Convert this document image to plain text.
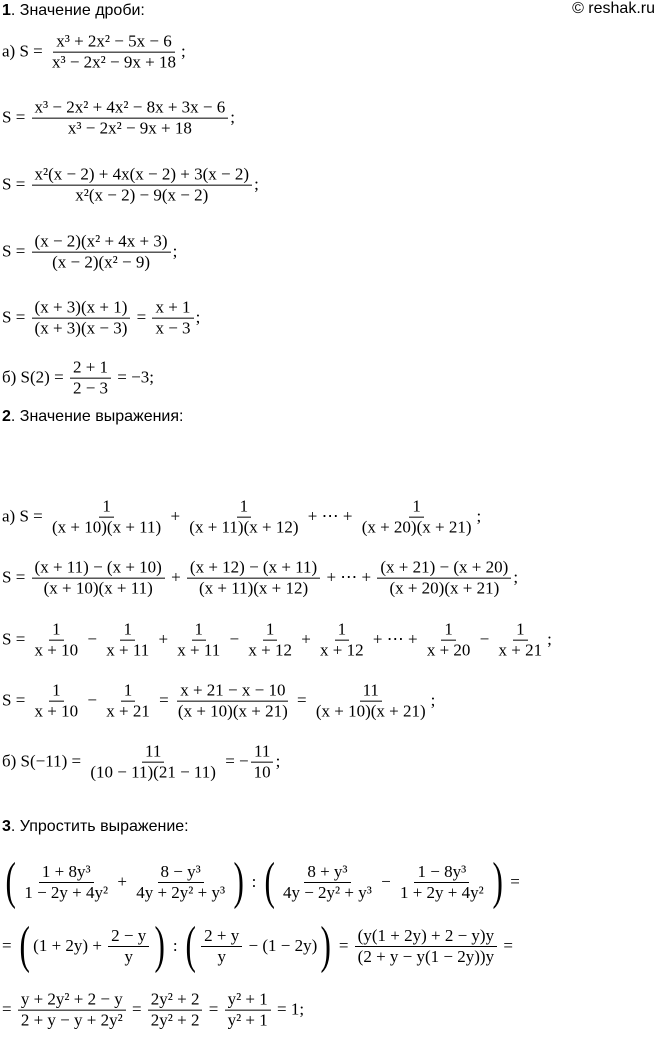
© reshak.ru
1. Значение дроби:
а) $S = \frac{\text{x³ + 2x² − 5x − 6}}{\text{x³ − 2x² − 9x + 18}}$ ;
$S = \frac{\text{x³ − 2x² + 4x² − 8x + 3x − 6}}{\text{x³ − 2x² − 9x + 18}}$ ;
$S = \frac{\text{x²(x − 2) + 4x(x − 2) + 3(x − 2)}}{\text{x²(x − 2) − 9(x − 2)}}$ ;
$S = \frac{\text{(x − 2)(x² + 4x + 3)}}{\text{(x − 2)(x² − 9)}}$ ;
$S = \frac{(x + 3)(x + 1)}{(x + 3)(x - 3)} = \frac{x + 1}{x - 3}$ ;
б) $S(2) = \frac{2 + 1}{2 - 3} = -3$;
2. Значение выражения:
а) $S = \frac{1}{(x + 10)(x + 11)} + \frac{1}{(x + 11)(x + 12)}$ + ⋯ + $\frac{1}{(x + 20)(x + 21)}$ ;
$S = \frac{(x + 11) - (x + 10)}{(x + 10)(x + 11)} + \frac{(x + 12) - (x + 11)}{(x + 11)(x + 12)}$ + ⋯ + $\frac{(x + 21) - (x + 20)}{(x + 20)(x + 21)}$ ;
$S = \frac{1}{x + 10} - \frac{1}{x + 11} + \frac{1}{x + 11} - \frac{1}{x + 12} + \frac{1}{x + 12}$ + ⋯ + $\frac{1}{x + 20} - \frac{1}{x + 21}$ ;
$S = \frac{1}{x + 10} - \frac{1}{x + 21} = \frac{x + 21 - x - 10}{(x + 10)(x + 21)} = \frac{11}{(x + 10)(x + 21)}$ ;
б) $S(-11) = \frac{11}{(10 - 11)(21 - 11)}$ = − $\frac{11}{10}$ ;
3. Упростить выражение:
( $\frac{\text{1 + 8y³}}{\text{1 − 2y + 4y²}} + \frac{\text{8 − y³}}{\text{4y + 2y² + y³}}$ ) : ( $\frac{\text{8 + y³}}{\text{4y − 2y² + y³}} - \frac{\text{1 − 8y³}}{\text{1 + 2y + 4y²}}$ ) =
= ( $(1 + 2y) + \frac{2 - y}{y}$ ) : ( $\frac{2 + y}{y} - (1 - 2y)$ ) = $\frac{(y(1 + 2y) + 2 - y)y}{(2 + y - y(1 - 2y))y}$ =
= $\frac{\text{y + 2y² + 2 − y}}{\text{2 + y − y + 2y²}} = \frac{\text{2y² + 2}}{\text{2y² + 2}} = \frac{\text{y² + 1}}{\text{y² + 1}} = 1$;
